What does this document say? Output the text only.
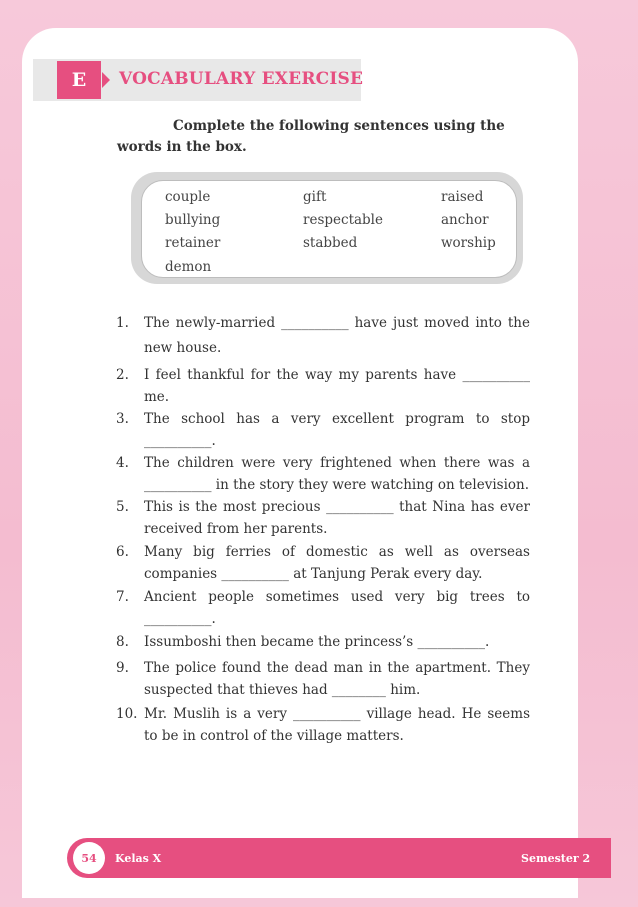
E	VOCABULARY EXERCISE

Complete the following sentences using the words in the box.

couple	gift	raised
bullying	respectable	anchor
retainer	stabbed	worship
demon
1. The newly-married __________ have just moved into the new house.
2. I feel thankful for the way my parents have __________ me.
3. The school has a very excellent program to stop __________.
4. The children were very frightened when there was a __________ in the story they were watching on television.
5. This is the most precious __________ that Nina has ever received from her parents.
6. Many big ferries of domestic as well as overseas companies __________ at Tanjung Perak every day.
7. Ancient people sometimes used very big trees to __________.
8. Issumboshi then became the princess’s __________.
9. The police found the dead man in the apartment. They suspected that thieves had ________ him.
10. Mr. Muslih is a very __________ village head. He seems to be in control of the village matters.
54	Kelas X	Semester 2
